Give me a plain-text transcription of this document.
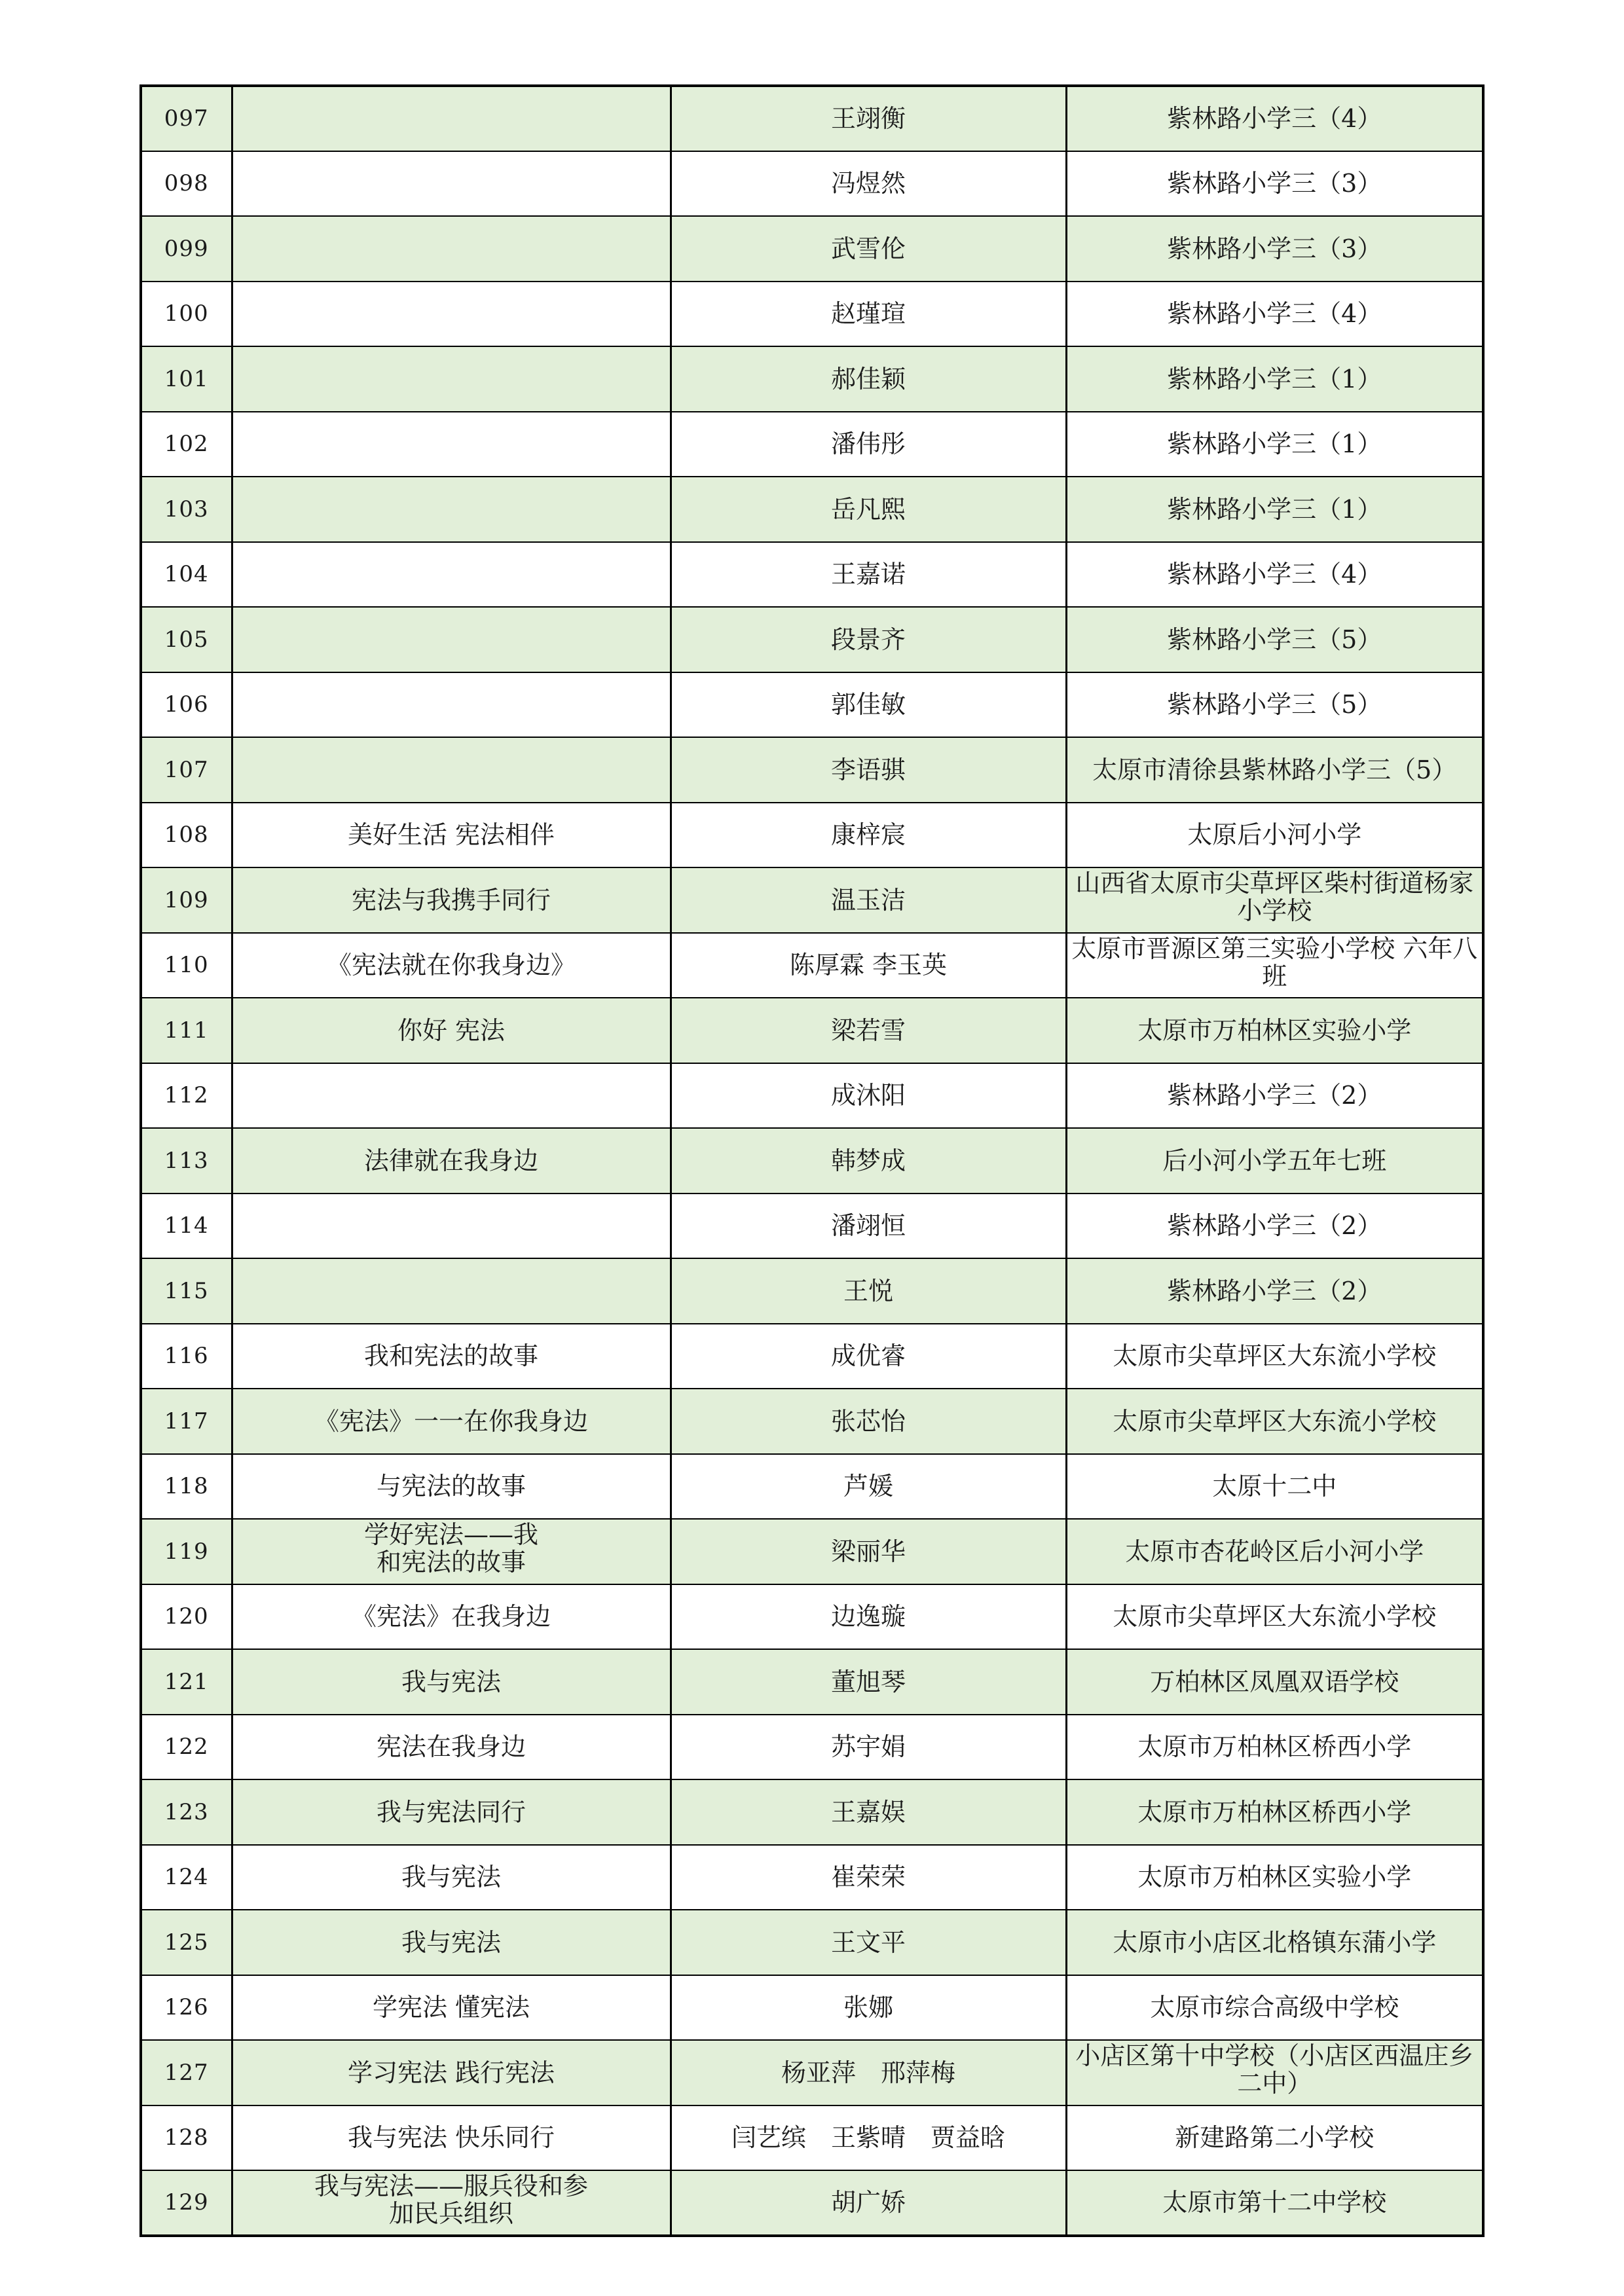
097		王翊衡	紫林路小学三（4）
098		冯煜然	紫林路小学三（3）
099		武雪伦	紫林路小学三（3）
100		赵瑾瑄	紫林路小学三（4）
101		郝佳颖	紫林路小学三（1）
102		潘伟彤	紫林路小学三（1）
103		岳凡熙	紫林路小学三（1）
104		王嘉诺	紫林路小学三（4）
105		段景齐	紫林路小学三（5）
106		郭佳敏	紫林路小学三（5）
107		李语骐	太原市清徐县紫林路小学三（5）
108	美好生活 宪法相伴	康梓宸	太原后小河小学
109	宪法与我携手同行	温玉洁	山西省太原市尖草坪区柴村街道杨家小学校
110	《宪法就在你我身边》	陈厚霖 李玉英	太原市晋源区第三实验小学校 六年八班
111	你好 宪法	梁若雪	太原市万柏林区实验小学
112		成沐阳	紫林路小学三（2）
113	法律就在我身边	韩梦成	后小河小学五年七班
114		潘翊恒	紫林路小学三（2）
115		王悦	紫林路小学三（2）
116	我和宪法的故事	成优睿	太原市尖草坪区大东流小学校
117	《宪法》一一在你我身边	张芯怡	太原市尖草坪区大东流小学校
118	与宪法的故事	芦媛	太原十二中
119	学好宪法——我和宪法的故事	梁丽华	太原市杏花岭区后小河小学
120	《宪法》在我身边	边逸璇	太原市尖草坪区大东流小学校
121	我与宪法	董旭琴	万柏林区凤凰双语学校
122	宪法在我身边	苏宇娟	太原市万柏林区桥西小学
123	我与宪法同行	王嘉娱	太原市万柏林区桥西小学
124	我与宪法	崔荣荣	太原市万柏林区实验小学
125	我与宪法	王文平	太原市小店区北格镇东蒲小学
126	学宪法 懂宪法	张娜	太原市综合高级中学校
127	学习宪法 践行宪法	杨亚萍　邢萍梅	小店区第十中学校（小店区西温庄乡二中）
128	我与宪法 快乐同行	闫艺缤　王紫晴　贾益晗	新建路第二小学校
129	我与宪法——服兵役和参加民兵组织	胡广娇	太原市第十二中学校
